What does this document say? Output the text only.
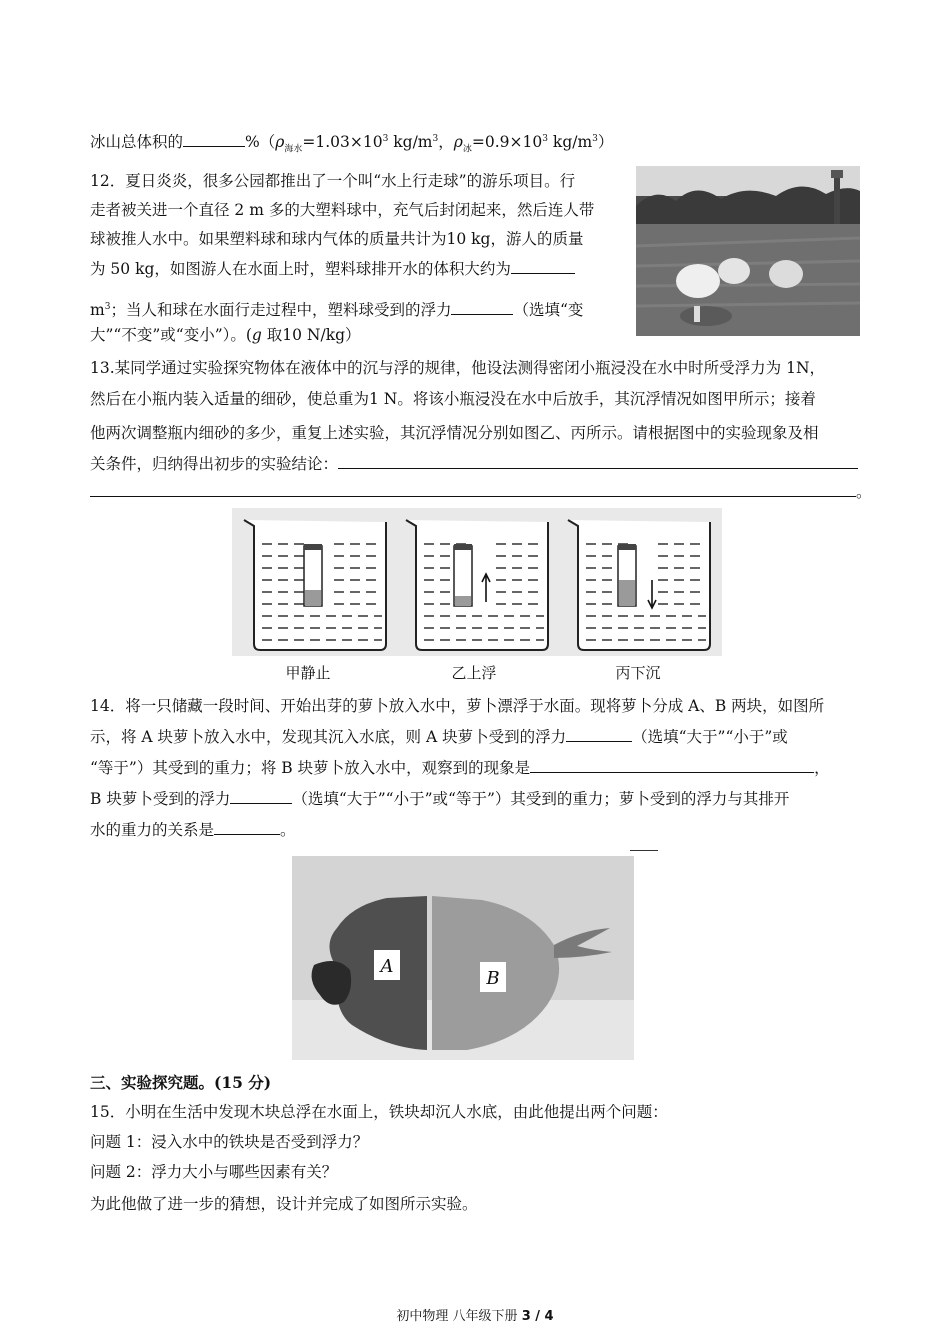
冰山总体积的	$\%(\rho_{海水}=1.03\times 10^3$ $kg/m^3$，$\rho_冰=0.9\times 10^3$ $kg/m^3$）
12．夏日炎炎，很多公园都推出了一个叫“水上行走球”的游乐项目。行
走者被关进一个直径 2 m 多的大塑料球中，充气后封闭起来，然后连人带
球被推人水中。如果塑料球和球内气体的质量共计为10 kg，游人的质量
为 50 kg，如图游人在水面上时，塑料球排开水的体积大约为
$m^3$；当人和球在水面行走过程中，塑料球受到的浮力	（选填“变
大”“不变”或“变小”）。(g 取10 N/kg）
13.某同学通过实验探究物体在液体中的沉与浮的规律，他设法测得密闭小瓶浸没在水中时所受浮力为 1N，
然后在小瓶内装入适量的细砂，使总重为1 N。将该小瓶浸没在水中后放手，其沉浮情况如图甲所示；接着
他两次调整瓶内细砂的多少，重复上述实验，其沉浮情况分别如图乙、丙所示。请根据图中的实验现象及相
关条件，归纳得出初步的实验结论：
。
甲静止	乙上浮	丙下沉
14．将一只储藏一段时间、开始出芽的萝卜放入水中，萝卜漂浮于水面。现将萝卜分成 A、B 两块，如图所
示，将 A 块萝卜放入水中，发现其沉入水底，则 A 块萝卜受到的浮力	（选填“大于”“小于”或
“等于”）其受到的重力；将 B 块萝卜放入水中，观察到的现象是	，
B 块萝卜受到的浮力	（选填“大于”“小于”或“等于”）其受到的重力；萝卜受到的浮力与其排开
水的重力的关系是	。
A
B
三、实验探究题。(15 分)
15．小明在生活中发现木块总浮在水面上，铁块却沉人水底，由此他提出两个问题：
问题 1：浸入水中的铁块是否受到浮力？
问题 2：浮力大小与哪些因素有关？
为此他做了进一步的猜想，设计并完成了如图所示实验。
初中物理 八年级下册 3 / 4
